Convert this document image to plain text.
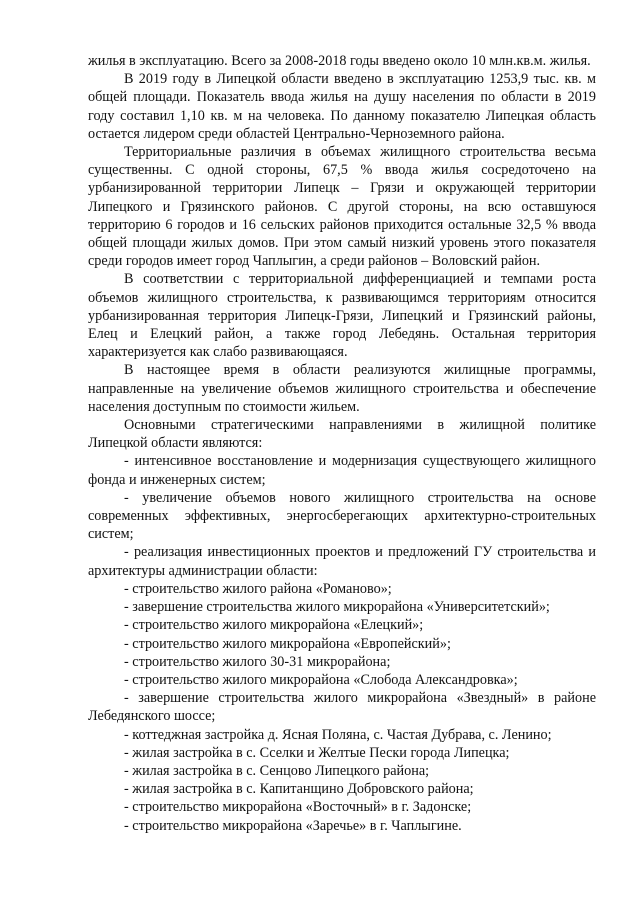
жилья в эксплуатацию. Всего за 2008-2018 годы введено около 10 млн.кв.м. жилья.

В 2019 году в Липецкой области введено в эксплуатацию 1253,9 тыс. кв. м общей площади. Показатель ввода жилья на душу населения по области в 2019 году составил 1,10 кв. м на человека. По данному показателю Липецкая область остается лидером среди областей Центрально-Черноземного района.

Территориальные различия в объемах жилищного строительства весьма существенны. С одной стороны, 67,5 % ввода жилья сосредоточено на урбанизированной территории Липецк – Грязи и окружающей территории Липецкого и Грязинского районов. С другой стороны, на всю оставшуюся территорию 6 городов и 16 сельских районов приходится остальные 32,5 % ввода общей площади жилых домов. При этом самый низкий уровень этого показателя среди городов имеет город Чаплыгин, а среди районов – Воловский район.

В соответствии с территориальной дифференциацией и темпами роста объемов жилищного строительства, к развивающимся территориям относится урбанизированная территория Липецк-Грязи, Липецкий и Грязинский районы, Елец и Елецкий район, а также город Лебедянь. Остальная территория характеризуется как слабо развивающаяся.

В настоящее время в области реализуются жилищные программы, направленные на увеличение объемов жилищного строительства и обеспечение населения доступным по стоимости жильем.

Основными стратегическими направлениями в жилищной политике Липецкой области являются:

- интенсивное восстановление и модернизация существующего жилищного фонда и инженерных систем;

- увеличение объемов нового жилищного строительства на основе современных эффективных, энергосберегающих архитектурно-строительных систем;

- реализация инвестиционных проектов и предложений ГУ строительства и архитектуры администрации области:

- строительство жилого района «Романово»;

- завершение строительства жилого микрорайона «Университетский»;

- строительство жилого микрорайона «Елецкий»;

- строительство жилого микрорайона «Европейский»;

- строительство жилого 30-31 микрорайона;

- строительство жилого микрорайона «Слобода Александровка»;

- завершение строительства жилого микрорайона «Звездный» в районе Лебедянского шоссе;

- коттеджная застройка д. Ясная Поляна, с. Частая Дубрава, с. Ленино;

- жилая застройка в с. Сселки и Желтые Пески города Липецка;

- жилая застройка в с. Сенцово Липецкого района;

- жилая застройка в с. Капитанщино Добровского района;

- строительство микрорайона «Восточный» в г. Задонске;

- строительство микрорайона «Заречье» в г. Чаплыгине.
